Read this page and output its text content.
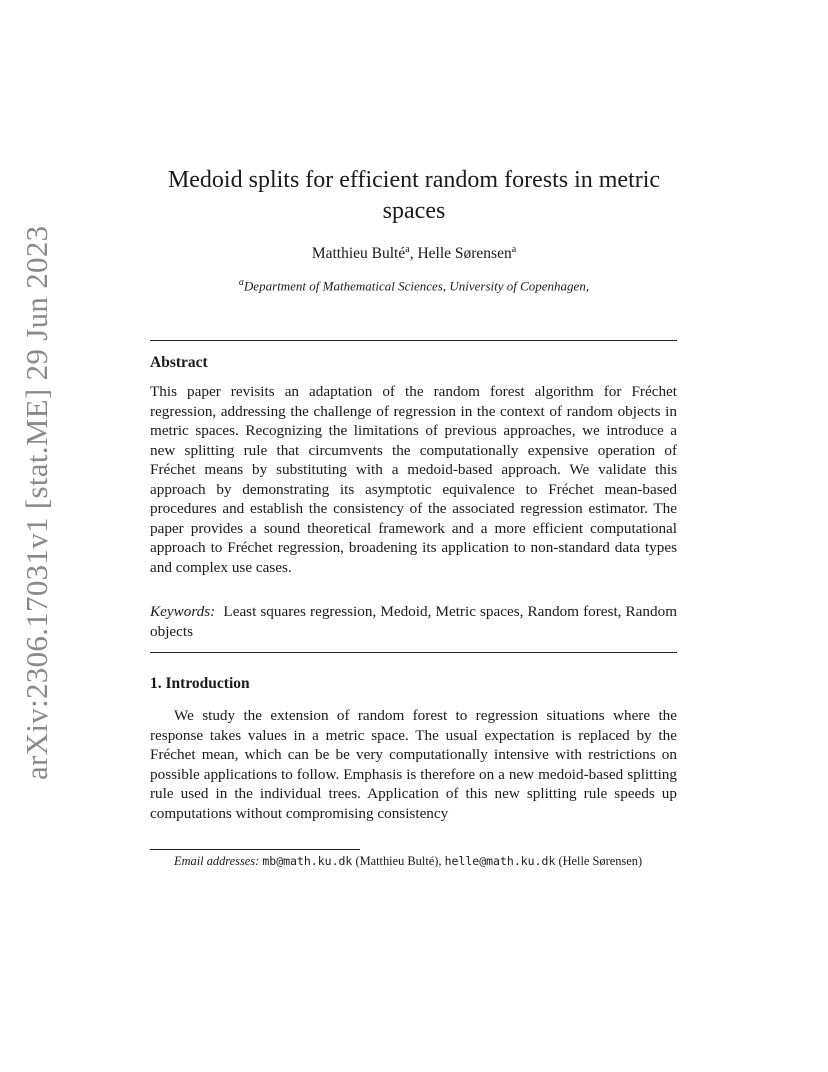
arXiv:2306.17031v1 [stat.ME] 29 Jun 2023
Medoid splits for efficient random forests in metric
spaces
Matthieu Bulté$^a$, Helle Sørensen$^a$
$^a$Department of Mathematical Sciences, University of Copenhagen,
Abstract
This paper revisits an adaptation of the random forest algorithm for Fréchet regression, addressing the challenge of regression in the context of random objects in metric spaces. Recognizing the limitations of previous approaches, we introduce a new splitting rule that circumvents the computationally expensive operation of Fréchet means by substituting with a medoid-based approach. We validate this approach by demonstrating its asymptotic equivalence to Fréchet mean-based procedures and establish the consistency of the associated regression estimator. The paper provides a sound theoretical framework and a more efficient computational approach to Fréchet regression, broadening its application to non-standard data types and complex use cases.
Keywords: Least squares regression, Medoid, Metric spaces, Random forest, Random objects
1. Introduction
We study the extension of random forest to regression situations where the response takes values in a metric space. The usual expectation is replaced by the Fréchet mean, which can be be very computationally intensive with restrictions on possible applications to follow. Emphasis is therefore on a new medoid-based splitting rule used in the individual trees. Application of this new splitting rule speeds up computations without compromising consistency
Email addresses: mb@math.ku.dk (Matthieu Bulté), helle@math.ku.dk (Helle Sørensen)
